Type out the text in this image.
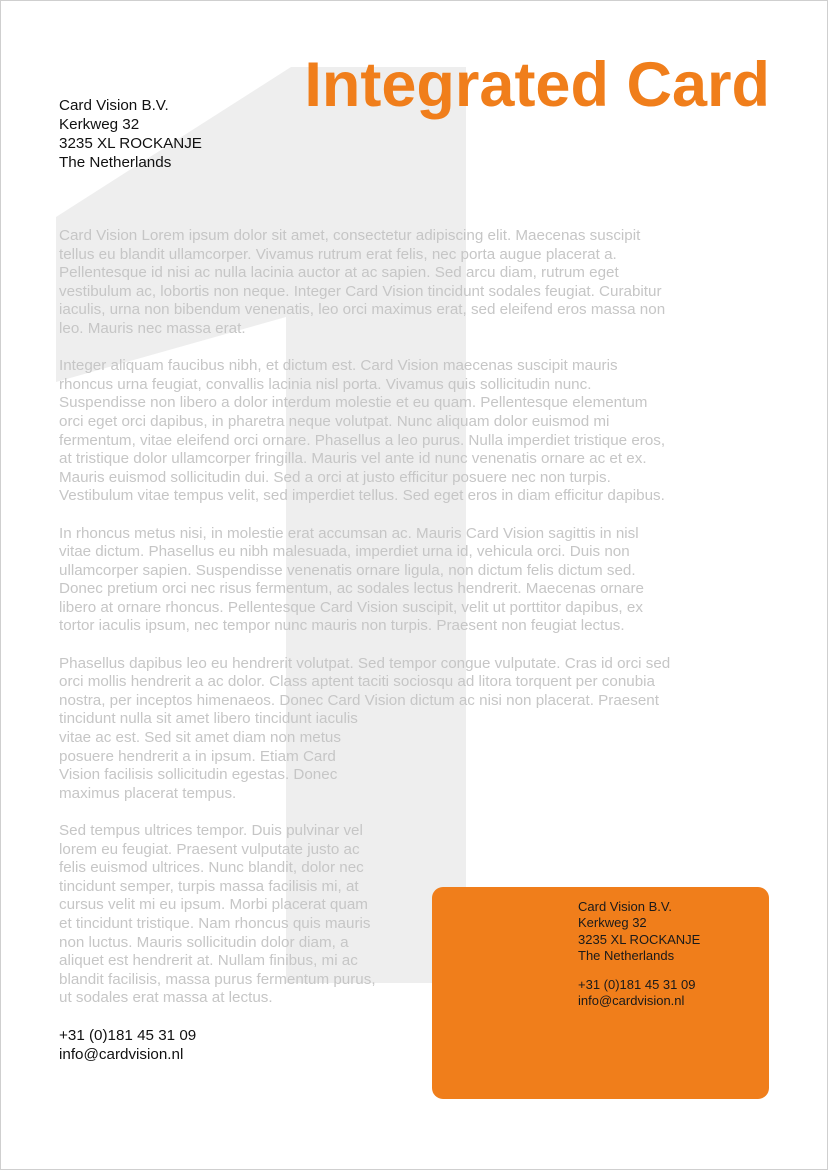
Integrated Card
Card Vision B.V.
Kerkweg 32
3235 XL ROCKANJE
The Netherlands

Card Vision Lorem ipsum dolor sit amet, consectetur adipiscing elit. Maecenas suscipit
tellus eu blandit ullamcorper. Vivamus rutrum erat felis, nec porta augue placerat a.
Pellentesque id nisi ac nulla lacinia auctor at ac sapien. Sed arcu diam, rutrum eget
vestibulum ac, lobortis non neque. Integer Card Vision tincidunt sodales feugiat. Curabitur
iaculis, urna non bibendum venenatis, leo orci maximus erat, sed eleifend eros massa non
leo. Mauris nec massa erat.

Integer aliquam faucibus nibh, et dictum est. Card Vision maecenas suscipit mauris
rhoncus urna feugiat, convallis lacinia nisl porta. Vivamus quis sollicitudin nunc.
Suspendisse non libero a dolor interdum molestie et eu quam. Pellentesque elementum
orci eget orci dapibus, in pharetra neque volutpat. Nunc aliquam dolor euismod mi
fermentum, vitae eleifend orci ornare. Phasellus a leo purus. Nulla imperdiet tristique eros,
at tristique dolor ullamcorper fringilla. Mauris vel ante id nunc venenatis ornare ac et ex.
Mauris euismod sollicitudin dui. Sed a orci at justo efficitur posuere nec non turpis.
Vestibulum vitae tempus velit, sed imperdiet tellus. Sed eget eros in diam efficitur dapibus.

In rhoncus metus nisi, in molestie erat accumsan ac. Mauris Card Vision sagittis in nisl
vitae dictum. Phasellus eu nibh malesuada, imperdiet urna id, vehicula orci. Duis non
ullamcorper sapien. Suspendisse venenatis ornare ligula, non dictum felis dictum sed.
Donec pretium orci nec risus fermentum, ac sodales lectus hendrerit. Maecenas ornare
libero at ornare rhoncus. Pellentesque Card Vision suscipit, velit ut porttitor dapibus, ex
tortor iaculis ipsum, nec tempor nunc mauris non turpis. Praesent non feugiat lectus.

Phasellus dapibus leo eu hendrerit volutpat. Sed tempor congue vulputate. Cras id orci sed
orci mollis hendrerit a ac dolor. Class aptent taciti sociosqu ad litora torquent per conubia
nostra, per inceptos himenaeos. Donec Card Vision dictum ac nisi non placerat. Praesent
tincidunt nulla sit amet libero tincidunt iaculis
vitae ac est. Sed sit amet diam non metus
posuere hendrerit a in ipsum. Etiam Card
Vision facilisis sollicitudin egestas. Donec
maximus placerat tempus.

Sed tempus ultrices tempor. Duis pulvinar vel
lorem eu feugiat. Praesent vulputate justo ac
felis euismod ultrices. Nunc blandit, dolor nec
tincidunt semper, turpis massa facilisis mi, at
cursus velit mi eu ipsum. Morbi placerat quam
et tincidunt tristique. Nam rhoncus quis mauris
non luctus. Mauris sollicitudin dolor diam, a
aliquet est hendrerit at. Nullam finibus, mi ac
blandit facilisis, massa purus fermentum purus,
ut sodales erat massa at lectus.

+31 (0)181 45 31 09
info@cardvision.nl
Card Vision B.V.
Kerkweg 32
3235 XL ROCKANJE
The Netherlands
+31 (0)181 45 31 09
info@cardvision.nl
